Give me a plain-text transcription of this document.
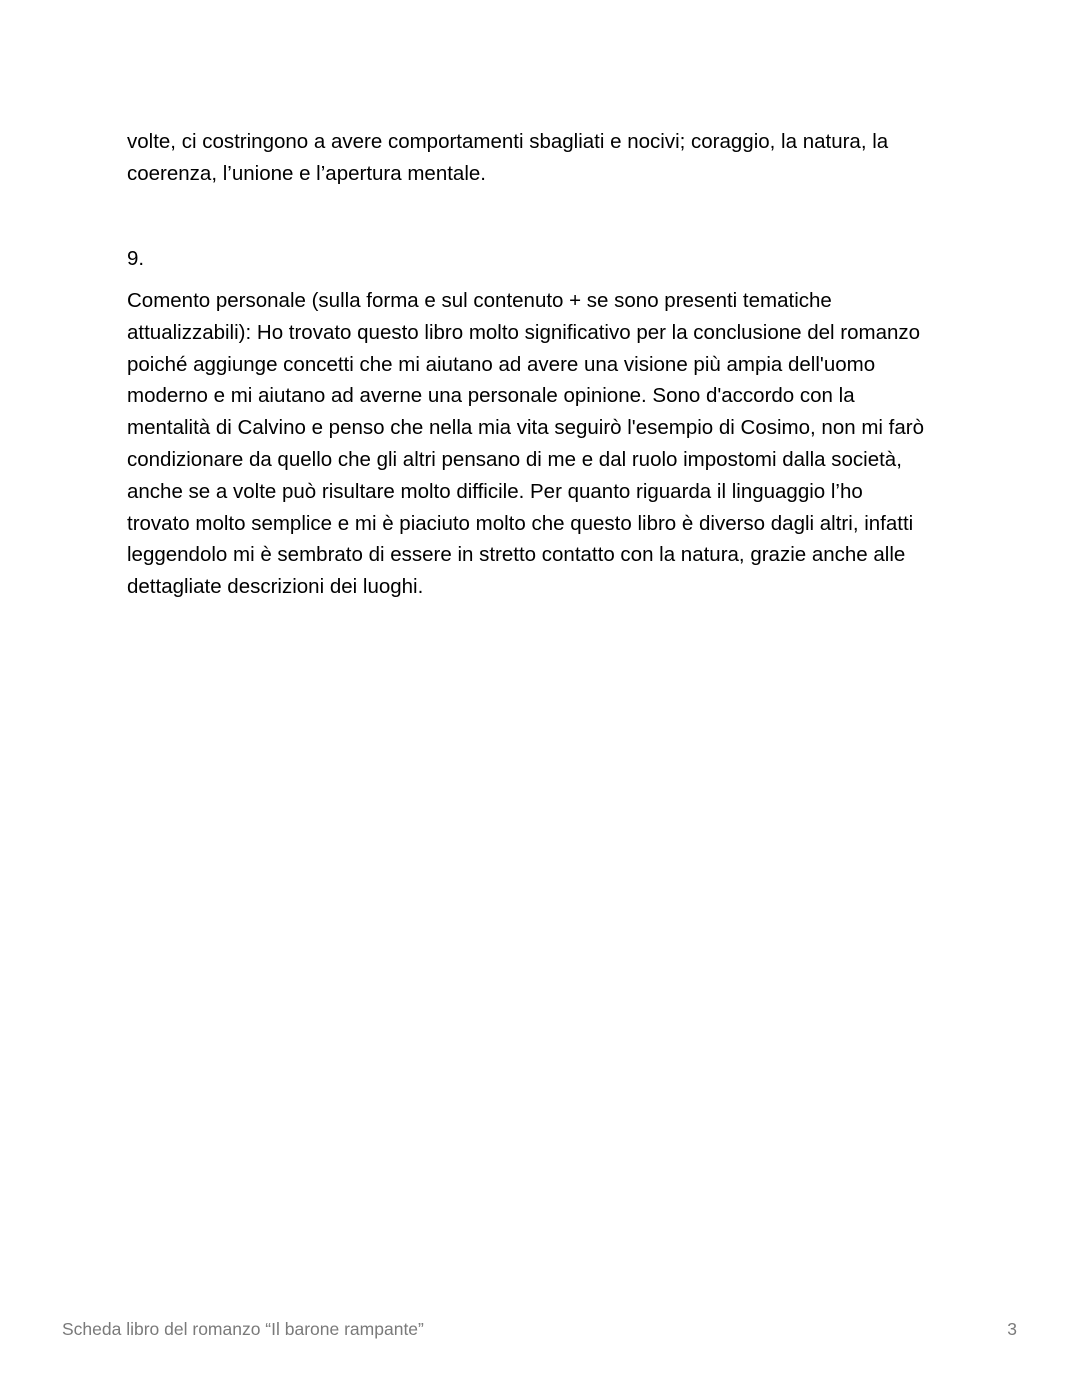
volte, ci costringono a avere comportamenti sbagliati e nocivi; coraggio, la natura, la
coerenza, l’unione e l’apertura mentale.

9.

Comento personale (sulla forma e sul contenuto + se sono presenti tematiche
attualizzabili): Ho trovato questo libro molto significativo per la conclusione del romanzo
poiché aggiunge concetti che mi aiutano ad avere una visione più ampia dell'uomo
moderno e mi aiutano ad averne una personale opinione. Sono d'accordo con la
mentalità di Calvino e penso che nella mia vita seguirò l'esempio di Cosimo, non mi farò
condizionare da quello che gli altri pensano di me e dal ruolo impostomi dalla società,
anche se a volte può risultare molto difficile. Per quanto riguarda il linguaggio l’ho
trovato molto semplice e mi è piaciuto molto che questo libro è diverso dagli altri, infatti
leggendolo mi è sembrato di essere in stretto contatto con la natura, grazie anche alle
dettagliate descrizioni dei luoghi.

Scheda libro del romanzo “Il barone rampante”	3
